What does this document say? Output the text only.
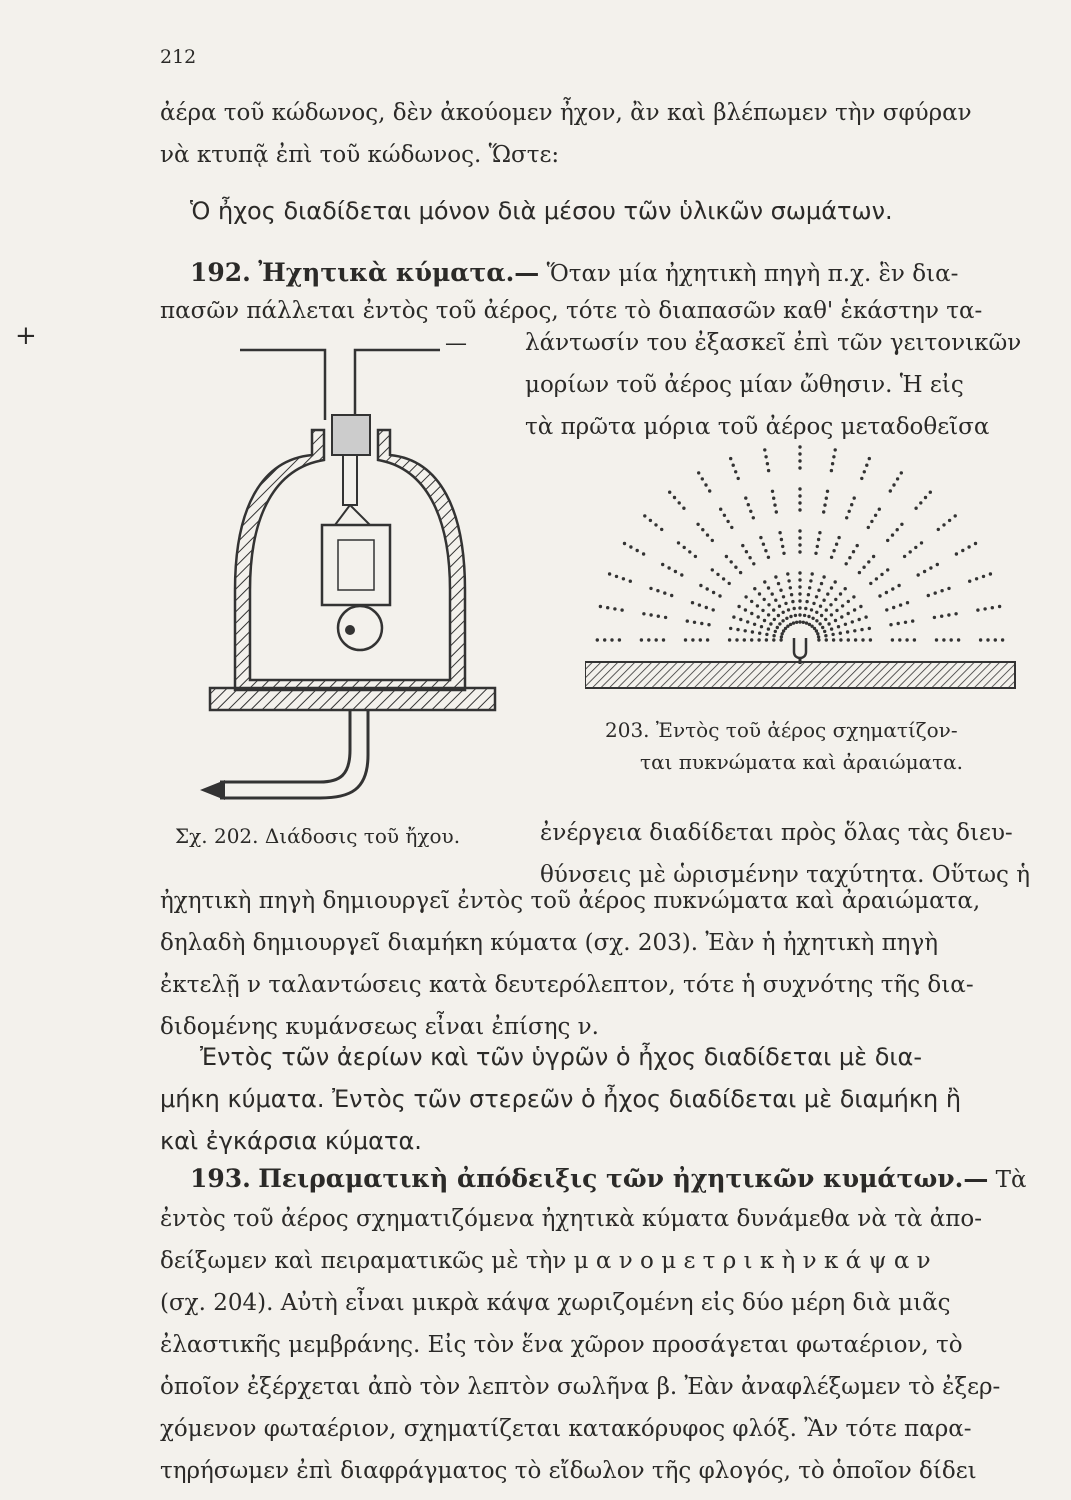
212
ἀέρα τοῦ κώδωνος, δὲν ἀκούομεν ἦχον, ἂν καὶ βλέπωμεν τὴν σφύραν
νὰ κτυπᾷ ἐπὶ τοῦ κώδωνος. Ὥστε:
Ὁ ἦχος διαδίδεται μόνον διὰ μέσου τῶν ὑλικῶν σωμάτων.
192. Ἠχητικὰ κύματα.— Ὅταν μία ἠχητικὴ πηγὴ π.χ. ἓν δια-
πασῶν πάλλεται ἐντὸς τοῦ ἀέρος, τότε τὸ διαπασῶν καθ' ἑκάστην τα-
λάντωσίν του ἐξασκεῖ ἐπὶ τῶν γειτονικῶν
μορίων τοῦ ἀέρος μίαν ὤθησιν. Ἡ εἰς
τὰ πρῶτα μόρια τοῦ ἀέρος μεταδοθεῖσα
+	—
203. Ἐντὸς τοῦ ἀέρος σχηματίζον-
ται πυκνώματα καὶ ἀραιώματα.
Σχ. 202. Διάδοσις τοῦ ἤχου.	ἐνέργεια διαδίδεται πρὸς ὅλας τὰς διευ-
θύνσεις μὲ ὡρισμένην ταχύτητα. Οὕτως ἡ
ἠχητικὴ πηγὴ δημιουργεῖ ἐντὸς τοῦ ἀέρος πυκνώματα καὶ ἀραιώματα,
δηλαδὴ δημιουργεῖ διαμήκη κύματα (σχ. 203). Ἐὰν ἡ ἠχητικὴ πηγὴ
ἐκτελῇ ν ταλαντώσεις κατὰ δευτερόλεπτον, τότε ἡ συχνότης τῆς δια-
διδομένης κυμάνσεως εἶναι ἐπίσης ν.
Ἐντὸς τῶν ἀερίων καὶ τῶν ὑγρῶν ὁ ἦχος διαδίδεται μὲ δια-
μήκη κύματα. Ἐντὸς τῶν στερεῶν ὁ ἦχος διαδίδεται μὲ διαμήκη ἢ
καὶ ἐγκάρσια κύματα.
193. Πειραματικὴ ἀπόδειξις τῶν ἠχητικῶν κυμάτων.— Τὰ
ἐντὸς τοῦ ἀέρος σχηματιζόμενα ἠχητικὰ κύματα δυνάμεθα νὰ τὰ ἀπο-
δείξωμεν καὶ πειραματικῶς μὲ τὴν μ α ν ο μ ε τ ρ ι κ ὴ ν κ ά ψ α ν
(σχ. 204). Αὐτὴ εἶναι μικρὰ κάψα χωριζομένη εἰς δύο μέρη διὰ μιᾶς
ἐλαστικῆς μεμβράνης. Εἰς τὸν ἕνα χῶρον προσάγεται φωταέριον, τὸ
ὁποῖον ἐξέρχεται ἀπὸ τὸν λεπτὸν σωλῆνα β. Ἐὰν ἀναφλέξωμεν τὸ ἐξερ-
χόμενον φωταέριον, σχηματίζεται κατακόρυφος φλόξ. Ἂν τότε παρα-
τηρήσωμεν ἐπὶ διαφράγματος τὸ εἴδωλον τῆς φλογός, τὸ ὁποῖον δίδει
